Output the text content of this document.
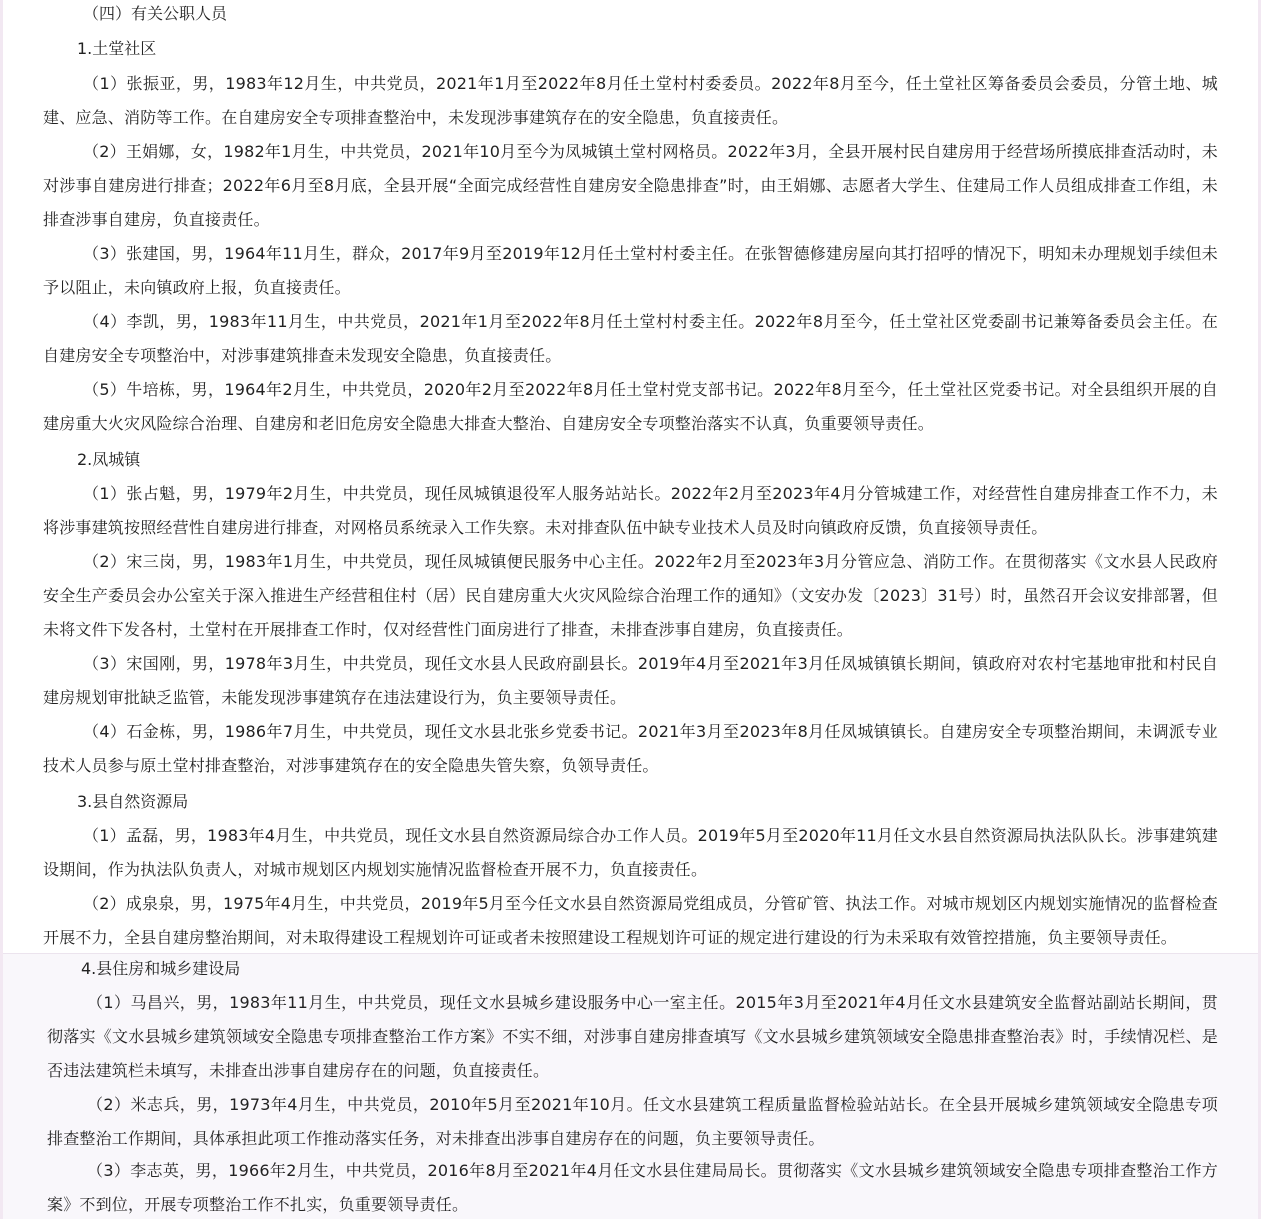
（四）有关公职人员
1.土堂社区
（1）张振亚，男，1983年12月生，中共党员，2021年1月至2022年8月任土堂村村委委员。2022年8月至今，任土堂社区筹备委员会委员，分管土地、城建、应急、消防等工作。在自建房安全专项排查整治中，未发现涉事建筑存在的安全隐患，负直接责任。
（2）王娟娜，女，1982年1月生，中共党员，2021年10月至今为凤城镇土堂村网格员。2022年3月，全县开展村民自建房用于经营场所摸底排查活动时，未对涉事自建房进行排查；2022年6月至8月底，全县开展“全面完成经营性自建房安全隐患排查”时，由王娟娜、志愿者大学生、住建局工作人员组成排查工作组，未排查涉事自建房，负直接责任。
（3）张建国，男，1964年11月生，群众，2017年9月至2019年12月任土堂村村委主任。在张智德修建房屋向其打招呼的情况下，明知未办理规划手续但未予以阻止，未向镇政府上报，负直接责任。
（4）李凯，男，1983年11月生，中共党员，2021年1月至2022年8月任土堂村村委主任。2022年8月至今，任土堂社区党委副书记兼筹备委员会主任。在自建房安全专项整治中，对涉事建筑排查未发现安全隐患，负直接责任。
（5）牛培栋，男，1964年2月生，中共党员，2020年2月至2022年8月任土堂村党支部书记。2022年8月至今，任土堂社区党委书记。对全县组织开展的自建房重大火灾风险综合治理、自建房和老旧危房安全隐患大排查大整治、自建房安全专项整治落实不认真，负重要领导责任。
2.凤城镇
（1）张占魁，男，1979年2月生，中共党员，现任凤城镇退役军人服务站站长。2022年2月至2023年4月分管城建工作，对经营性自建房排查工作不力，未将涉事建筑按照经营性自建房进行排查，对网格员系统录入工作失察。未对排查队伍中缺专业技术人员及时向镇政府反馈，负直接领导责任。
（2）宋三岗，男，1983年1月生，中共党员，现任凤城镇便民服务中心主任。2022年2月至2023年3月分管应急、消防工作。在贯彻落实《文水县人民政府安全生产委员会办公室关于深入推进生产经营租住村（居）民自建房重大火灾风险综合治理工作的通知》（文安办发〔2023〕31号）时，虽然召开会议安排部署，但未将文件下发各村，土堂村在开展排查工作时，仅对经营性门面房进行了排查，未排查涉事自建房，负直接责任。
（3）宋国刚，男，1978年3月生，中共党员，现任文水县人民政府副县长。2019年4月至2021年3月任凤城镇镇长期间，镇政府对农村宅基地审批和村民自建房规划审批缺乏监管，未能发现涉事建筑存在违法建设行为，负主要领导责任。
（4）石金栋，男，1986年7月生，中共党员，现任文水县北张乡党委书记。2021年3月至2023年8月任凤城镇镇长。自建房安全专项整治期间，未调派专业技术人员参与原土堂村排查整治，对涉事建筑存在的安全隐患失管失察，负领导责任。
3.县自然资源局
（1）孟磊，男，1983年4月生，中共党员，现任文水县自然资源局综合办工作人员。2019年5月至2020年11月任文水县自然资源局执法队队长。涉事建筑建设期间，作为执法队负责人，对城市规划区内规划实施情况监督检查开展不力，负直接责任。
（2）成泉泉，男，1975年4月生，中共党员，2019年5月至今任文水县自然资源局党组成员，分管矿管、执法工作。对城市规划区内规划实施情况的监督检查开展不力，全县自建房整治期间，对未取得建设工程规划许可证或者未按照建设工程规划许可证的规定进行建设的行为未采取有效管控措施，负主要领导责任。
4.县住房和城乡建设局
（1）马昌兴，男，1983年11月生，中共党员，现任文水县城乡建设服务中心一室主任。2015年3月至2021年4月任文水县建筑安全监督站副站长期间，贯彻落实《文水县城乡建筑领域安全隐患专项排查整治工作方案》不实不细，对涉事自建房排查填写《文水县城乡建筑领域安全隐患排查整治表》时，手续情况栏、是否违法建筑栏未填写，未排查出涉事自建房存在的问题，负直接责任。
（2）米志兵，男，1973年4月生，中共党员，2010年5月至2021年10月。任文水县建筑工程质量监督检验站站长。在全县开展城乡建筑领域安全隐患专项排查整治工作期间，具体承担此项工作推动落实任务，对未排查出涉事自建房存在的问题，负主要领导责任。
（3）李志英，男，1966年2月生，中共党员，2016年8月至2021年4月任文水县住建局局长。贯彻落实《文水县城乡建筑领域安全隐患专项排查整治工作方案》不到位，开展专项整治工作不扎实，负重要领导责任。
